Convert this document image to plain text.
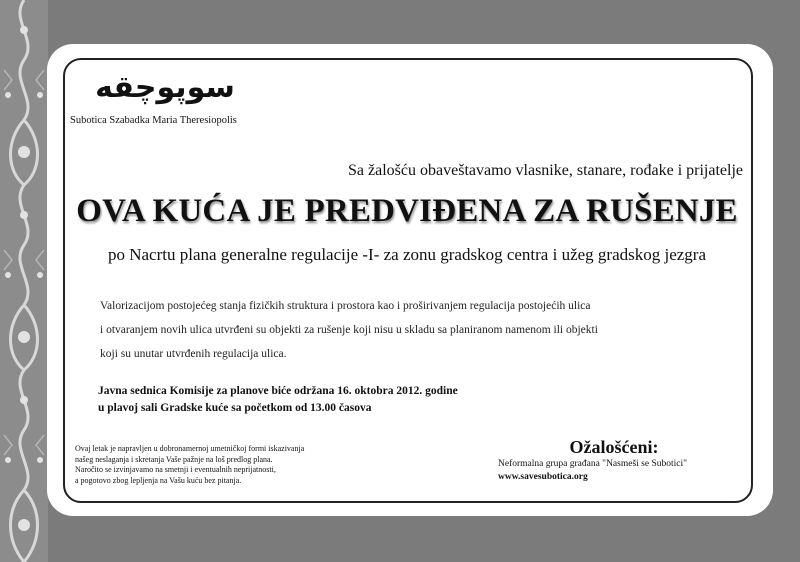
سوپوچقه
Subotica Szabadka Maria Theresiopolis
Sa žalošću obaveštavamo vlasnike, stanare, rođake i prijatelje
OVA KUĆA JE PREDVIĐENA ZA RUŠENJE
po Nacrtu plana generalne regulacije -I- za zonu gradskog centra i užeg gradskog jezgra
Valorizacijom postojećeg stanja fizičkih struktura i prostora kao i proširivanjem regulacija postojećih ulica
i otvaranjem novih ulica utvrđeni su objekti za rušenje koji nisu u skladu sa planiranom namenom ili objekti
koji su unutar utvrđenih regulacija ulica.
Javna sednica Komisije za planove biće održana 16. oktobra 2012. godine
u plavoj sali Gradske kuće sa početkom od 13.00 časova
Ovaj letak je napravljen u dobronamernoj umetničkoj formi iskazivanja
našeg neslaganja i skretanja Vaše pažnje na loš predlog plana.
Naročito se izvinjavamo na smetnji i eventualnih neprijatnosti,
a pogotovo zbog lepljenja na Vašu kuću bez pitanja.
Ožalošćeni:
Neformalna grupa građana "Nasmeši se Subotici"
www.savesubotica.org
